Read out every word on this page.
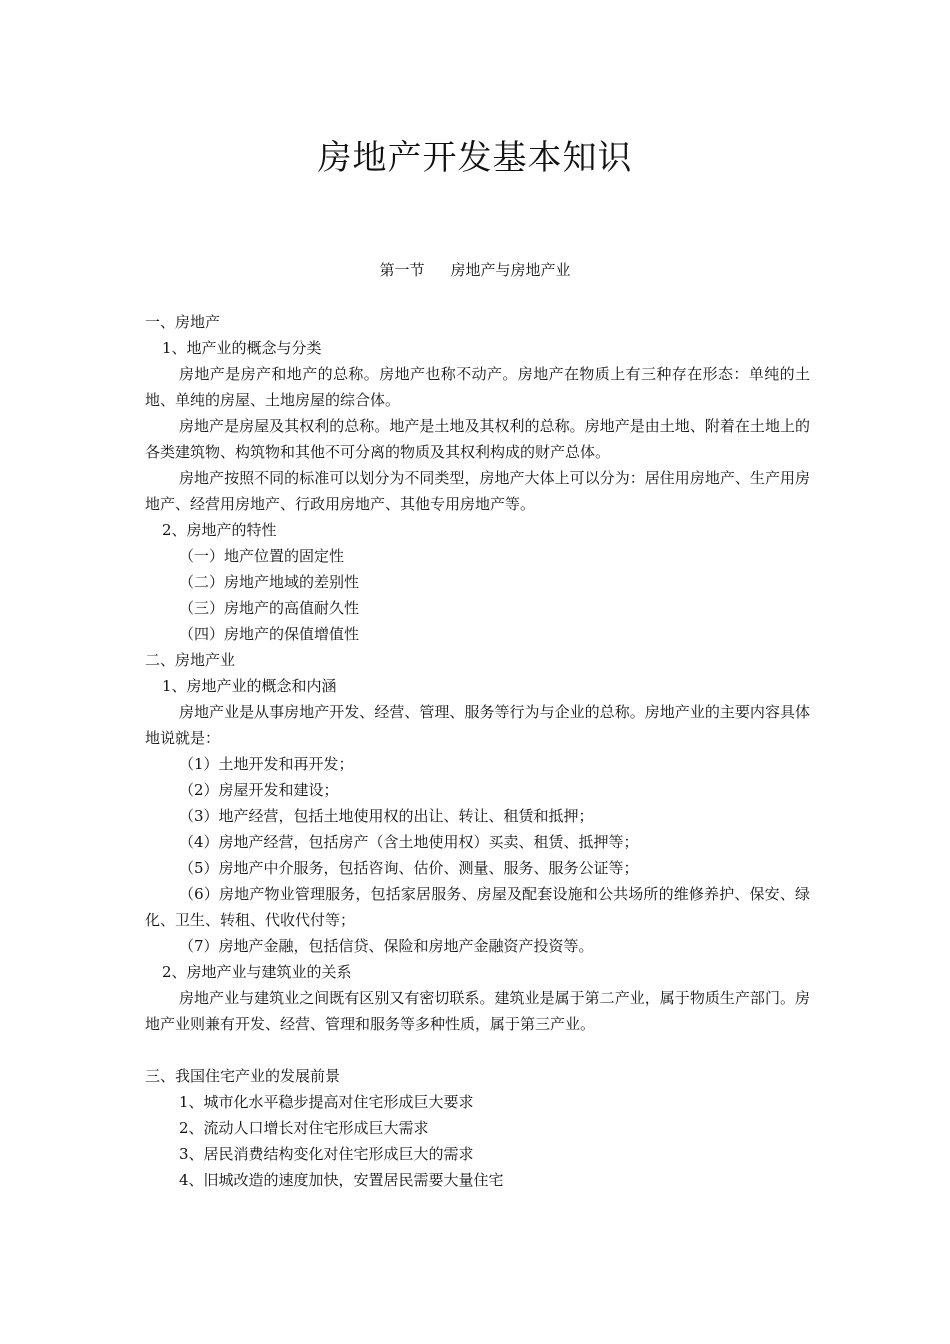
房地产开发基本知识
第一节 房地产与房地产业

一、房地产

1、地产业的概念与分类

房地产是房产和地产的总称。房地产也称不动产。房地产在物质上有三种存在形态：单纯的土地、单纯的房屋、土地房屋的综合体。

房地产是房屋及其权利的总称。地产是土地及其权利的总称。房地产是由土地、附着在土地上的各类建筑物、构筑物和其他不可分离的物质及其权利构成的财产总体。

房地产按照不同的标准可以划分为不同类型，房地产大体上可以分为：居住用房地产、生产用房地产、经营用房地产、行政用房地产、其他专用房地产等。

2、房地产的特性

（一）地产位置的固定性

（二）房地产地域的差别性

（三）房地产的高值耐久性

（四）房地产的保值增值性

二、房地产业

1、房地产业的概念和内涵

房地产业是从事房地产开发、经营、管理、服务等行为与企业的总称。房地产业的主要内容具体地说就是：

（1）土地开发和再开发；

（2）房屋开发和建设；

（3）地产经营，包括土地使用权的出让、转让、租赁和抵押；

（4）房地产经营，包括房产（含土地使用权）买卖、租赁、抵押等；

（5）房地产中介服务，包括咨询、估价、测量、服务、服务公证等；

（6）房地产物业管理服务，包括家居服务、房屋及配套设施和公共场所的维修养护、保安、绿化、卫生、转租、代收代付等；

（7）房地产金融，包括信贷、保险和房地产金融资产投资等。

2、房地产业与建筑业的关系

房地产业与建筑业之间既有区别又有密切联系。建筑业是属于第二产业，属于物质生产部门。房地产业则兼有开发、经营、管理和服务等多种性质，属于第三产业。

三、我国住宅产业的发展前景

1、城市化水平稳步提高对住宅形成巨大要求

2、流动人口增长对住宅形成巨大需求

3、居民消费结构变化对住宅形成巨大的需求

4、旧城改造的速度加快，安置居民需要大量住宅
